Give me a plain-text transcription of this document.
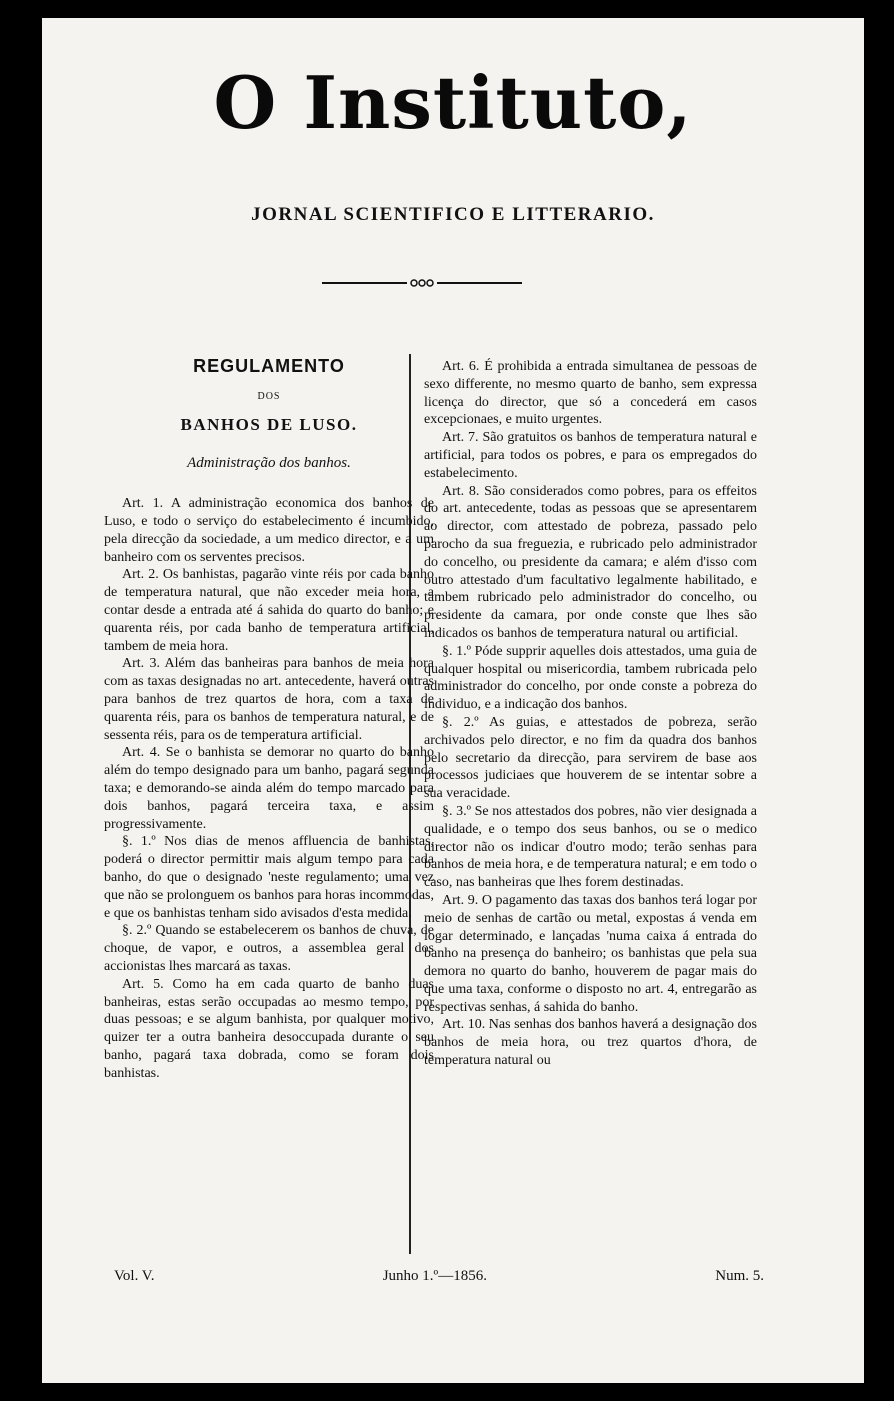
O Instituto,
JORNAL SCIENTIFICO E LITTERARIO.
REGULAMENTO
DOS
BANHOS DE LUSO.
Administração dos banhos.

Art. 1. A administração economica dos banhos de Luso, e todo o serviço do estabelecimento é incumbido, pela direcção da sociedade, a um medico director, e a um banheiro com os serventes precisos.

Art. 2. Os banhistas, pagarão vinte réis por cada banho de temperatura natural, que não exceder meia hora, a contar desde a entrada até á sahida do quarto do banho; e quarenta réis, por cada banho de temperatura artificial, tambem de meia hora.

Art. 3. Além das banheiras para banhos de meia hora com as taxas designadas no art. antecedente, haverá outras para banhos de trez quartos de hora, com a taxa de quarenta réis, para os banhos de temperatura natural, e de sessenta réis, para os de temperatura artificial.

Art. 4. Se o banhista se demorar no quarto do banho além do tempo designado para um banho, pagará segunda taxa; e demorando-se ainda além do tempo marcado para dois banhos, pagará terceira taxa, e assim progressivamente.

§. 1.º Nos dias de menos affluencia de banhistas, poderá o director permittir mais algum tempo para cada banho, do que o designado 'neste regulamento; uma vez que não se prolonguem os banhos para horas incommodas, e que os banhistas tenham sido avisados d'esta medida.

§. 2.º Quando se estabelecerem os banhos de chuva, de choque, de vapor, e outros, a assemblea geral dos accionistas lhes marcará as taxas.

Art. 5. Como ha em cada quarto de banho duas banheiras, estas serão occupadas ao mesmo tempo, por duas pessoas; e se algum banhista, por qualquer motivo, quizer ter a outra banheira desoccupada durante o seu banho, pagará taxa dobrada, como se foram dois banhistas.

Art. 6. É prohibida a entrada simultanea de pessoas de sexo differente, no mesmo quarto de banho, sem expressa licença do director, que só a concederá em casos excepcionaes, e muito urgentes.

Art. 7. São gratuitos os banhos de temperatura natural e artificial, para todos os pobres, e para os empregados do estabelecimento.

Art. 8. São considerados como pobres, para os effeitos do art. antecedente, todas as pessoas que se apresentarem ao director, com attestado de pobreza, passado pelo parocho da sua freguezia, e rubricado pelo administrador do concelho, ou presidente da camara; e além d'isso com outro attestado d'um facultativo legalmente habilitado, e tambem rubricado pelo administrador do concelho, ou presidente da camara, por onde conste que lhes são indicados os banhos de temperatura natural ou artificial.

§. 1.º Póde supprir aquelles dois attestados, uma guia de qualquer hospital ou misericordia, tambem rubricada pelo administrador do concelho, por onde conste a pobreza do individuo, e a indicação dos banhos.

§. 2.º As guias, e attestados de pobreza, serão archivados pelo director, e no fim da quadra dos banhos pelo secretario da direcção, para servirem de base aos processos judiciaes que houverem de se intentar sobre a sua veracidade.

§. 3.º Se nos attestados dos pobres, não vier designada a qualidade, e o tempo dos seus banhos, ou se o medico director não os indicar d'outro modo; terão senhas para banhos de meia hora, e de temperatura natural; e em todo o caso, nas banheiras que lhes forem destinadas.

Art. 9. O pagamento das taxas dos banhos terá logar por meio de senhas de cartão ou metal, expostas á venda em logar determinado, e lançadas 'numa caixa á entrada do banho na presença do banheiro; os banhistas que pela sua demora no quarto do banho, houverem de pagar mais do que uma taxa, conforme o disposto no art. 4, entregarão as respectivas senhas, á sahida do banho.

Art. 10. Nas senhas dos banhos haverá a designação dos banhos de meia hora, ou trez quartos d'hora, de temperatura natural ou

Vol. V.	Junho 1.º—1856.	Num. 5.
